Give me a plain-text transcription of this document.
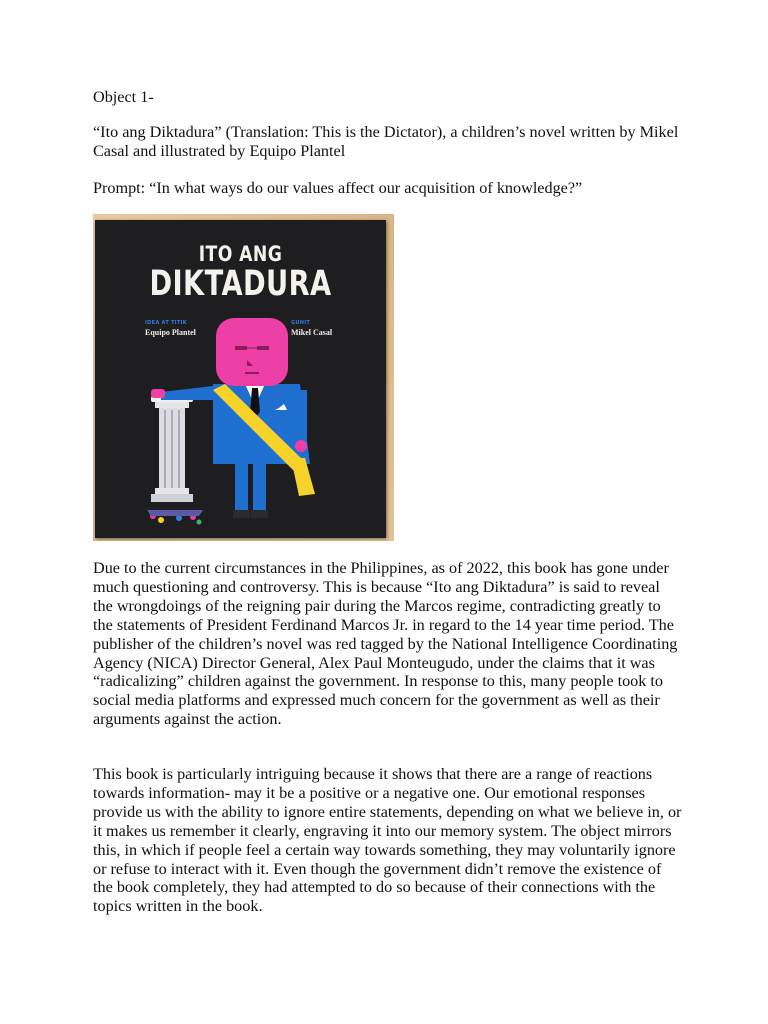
Object 1-

“Ito ang Diktadura” (Translation: This is the Dictator), a children’s novel written by Mikel Casal and illustrated by Equipo Plantel

Prompt: “In what ways do our values affect our acquisition of knowledge?”

ITO ANG
DIKTADURA
IDEA AT TITIK
Equipo Plantel
GUHIT
Mikel Casal

Due to the current circumstances in the Philippines, as of 2022, this book has gone under much questioning and controversy. This is because “Ito ang Diktadura” is said to reveal the wrongdoings of the reigning pair during the Marcos regime, contradicting greatly to the statements of President Ferdinand Marcos Jr. in regard to the 14 year time period. The publisher of the children’s novel was red tagged by the National Intelligence Coordinating Agency (NICA) Director General, Alex Paul Monteugudo, under the claims that it was “radicalizing” children against the government. In response to this, many people took to social media platforms and expressed much concern for the government as well as their arguments against the action.

This book is particularly intriguing because it shows that there are a range of reactions towards information- may it be a positive or a negative one. Our emotional responses provide us with the ability to ignore entire statements, depending on what we believe in, or it makes us remember it clearly, engraving it into our memory system. The object mirrors this, in which if people feel a certain way towards something, they may voluntarily ignore or refuse to interact with it. Even though the government didn’t remove the existence of the book completely, they had attempted to do so because of their connections with the topics written in the book.
